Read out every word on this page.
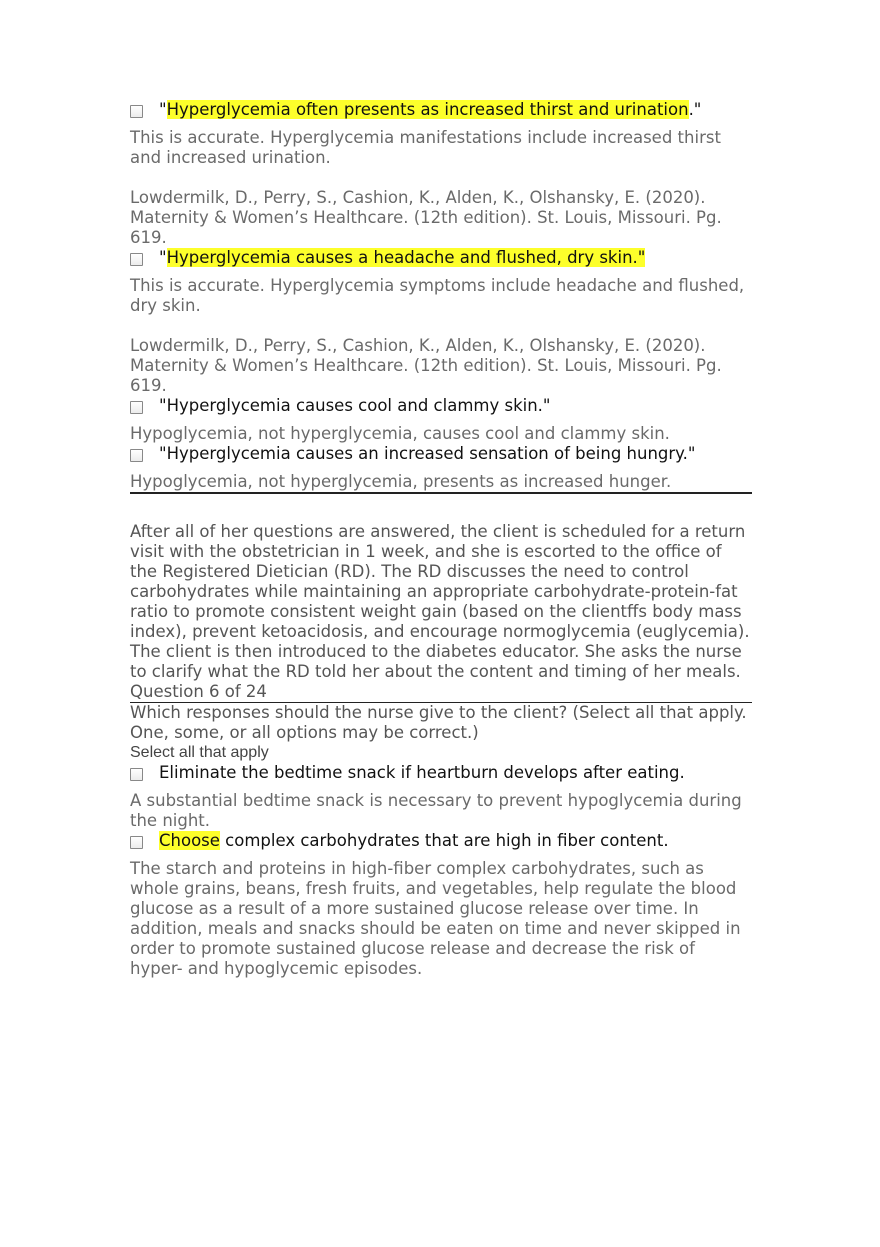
"Hyperglycemia often presents as increased thirst and urination."
This is accurate. Hyperglycemia manifestations include increased thirst and increased urination.
Lowdermilk, D., Perry, S., Cashion, K., Alden, K., Olshansky, E. (2020). Maternity & Women’s Healthcare. (12th edition). St. Louis, Missouri. Pg. 619.
"Hyperglycemia causes a headache and flushed, dry skin."
This is accurate. Hyperglycemia symptoms include headache and flushed, dry skin.
Lowdermilk, D., Perry, S., Cashion, K., Alden, K., Olshansky, E. (2020). Maternity & Women’s Healthcare. (12th edition). St. Louis, Missouri. Pg. 619.
"Hyperglycemia causes cool and clammy skin."
Hypoglycemia, not hyperglycemia, causes cool and clammy skin.
"Hyperglycemia causes an increased sensation of being hungry."
Hypoglycemia, not hyperglycemia, presents as increased hunger.
After all of her questions are answered, the client is scheduled for a return visit with the obstetrician in 1 week, and she is escorted to the office of the Registered Dietician (RD). The RD discusses the need to control carbohydrates while maintaining an appropriate carbohydrate-protein-fat ratio to promote consistent weight gain (based on the clientffs body mass index), prevent ketoacidosis, and encourage normoglycemia (euglycemia). The client is then introduced to the diabetes educator. She asks the nurse to clarify what the RD told her about the content and timing of her meals.
Question 6 of 24
Which responses should the nurse give to the client? (Select all that apply. One, some, or all options may be correct.)
Select all that apply
Eliminate the bedtime snack if heartburn develops after eating.
A substantial bedtime snack is necessary to prevent hypoglycemia during the night.
Choose complex carbohydrates that are high in fiber content.
The starch and proteins in high-fiber complex carbohydrates, such as whole grains, beans, fresh fruits, and vegetables, help regulate the blood glucose as a result of a more sustained glucose release over time. In addition, meals and snacks should be eaten on time and never skipped in order to promote sustained glucose release and decrease the risk of hyper- and hypoglycemic episodes.
